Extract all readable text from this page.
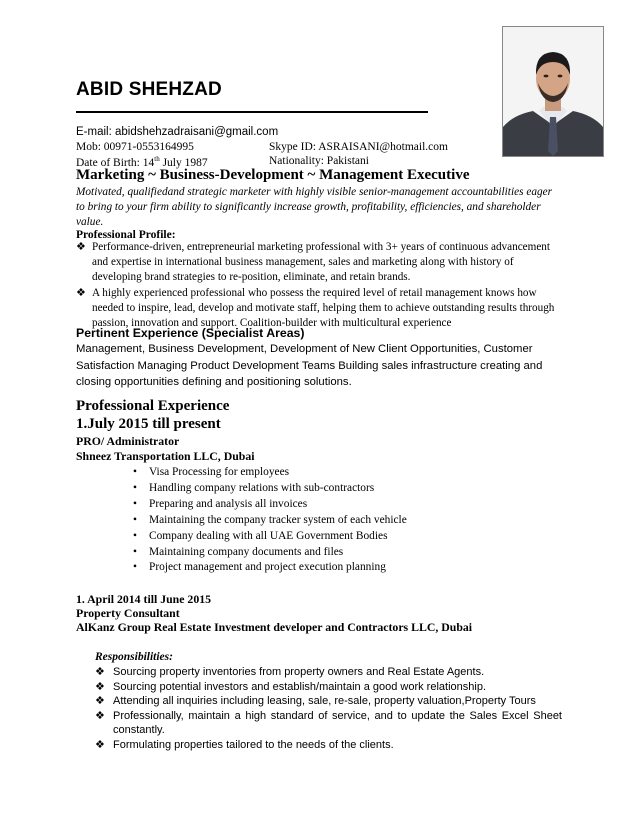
ABID SHEHZAD
E-mail: abidshehzadraisani@gmail.com
Mob: 00971-0553164995	Skype ID: ASRAISANI@hotmail.com
Date of Birth: 14th July 1987	Nationality: Pakistani
Marketing ~ Business-Development ~ Management Executive
Motivated, qualifiedand strategic marketer with highly visible senior-management accountabilities eager to bring to your firm ability to significantly increase growth, profitability, efficiencies, and shareholder value.
Professional Profile:
❖ Performance-driven, entrepreneurial marketing professional with 3+ years of continuous advancement and expertise in international business management, sales and marketing along with history of developing brand strategies to re-position, eliminate, and retain brands.
❖ A highly experienced professional who possess the required level of retail management knows how needed to inspire, lead, develop and motivate staff, helping them to achieve outstanding results through passion, innovation and support. Coalition-builder with multicultural experience
Pertinent Experience (Specialist Areas)
Management, Business Development, Development of New Client Opportunities, Customer Satisfaction Managing Product Development Teams Building sales infrastructure creating and closing opportunities defining and positioning solutions.
Professional Experience
1.July 2015 till present
PRO/ Administrator
Shneez Transportation LLC, Dubai
• Visa Processing for employees
• Handling company relations with sub-contractors
• Preparing and analysis all invoices
• Maintaining the company tracker system of each vehicle
• Company dealing with all UAE Government Bodies
• Maintaining company documents and files
• Project management and project execution planning
1. April 2014 till June 2015
Property Consultant
AlKanz Group Real Estate Investment developer and Contractors LLC, Dubai
Responsibilities:
❖ Sourcing property inventories from property owners and Real Estate Agents.
❖ Sourcing potential investors and establish/maintain a good work relationship.
❖ Attending all inquiries including leasing, sale, re-sale, property valuation,Property Tours
❖ Professionally, maintain a high standard of service, and to update the Sales Excel Sheet constantly.
❖ Formulating properties tailored to the needs of the clients.
